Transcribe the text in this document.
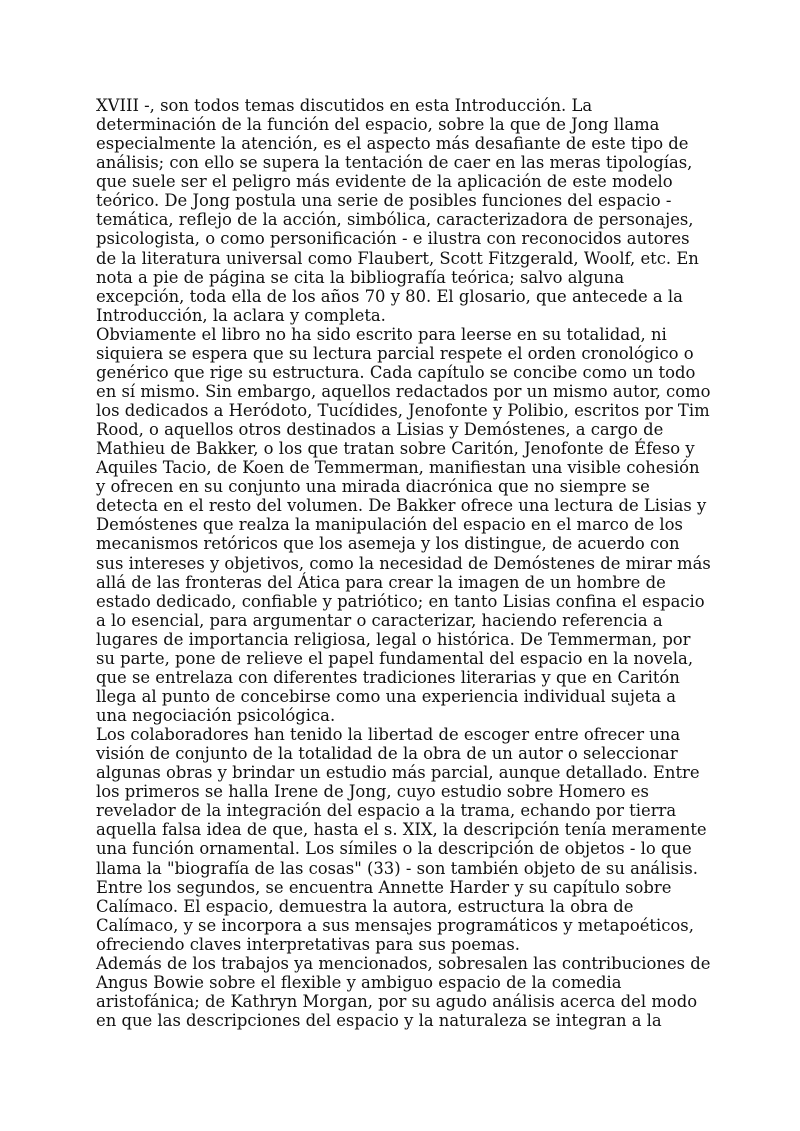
XVIII -, son todos temas discutidos en esta Introducción. La
determinación de la función del espacio, sobre la que de Jong llama
especialmente la atención, es el aspecto más desafiante de este tipo de
análisis; con ello se supera la tentación de caer en las meras tipologías,
que suele ser el peligro más evidente de la aplicación de este modelo
teórico. De Jong postula una serie de posibles funciones del espacio -
temática, reflejo de la acción, simbólica, caracterizadora de personajes,
psicologista, o como personificación - e ilustra con reconocidos autores
de la literatura universal como Flaubert, Scott Fitzgerald, Woolf, etc. En
nota a pie de página se cita la bibliografía teórica; salvo alguna
excepción, toda ella de los años 70 y 80. El glosario, que antecede a la
Introducción, la aclara y completa.

Obviamente el libro no ha sido escrito para leerse en su totalidad, ni
siquiera se espera que su lectura parcial respete el orden cronológico o
genérico que rige su estructura. Cada capítulo se concibe como un todo
en sí mismo. Sin embargo, aquellos redactados por un mismo autor, como
los dedicados a Heródoto, Tucídides, Jenofonte y Polibio, escritos por Tim
Rood, o aquellos otros destinados a Lisias y Demóstenes, a cargo de
Mathieu de Bakker, o los que tratan sobre Caritón, Jenofonte de Éfeso y
Aquiles Tacio, de Koen de Temmerman, manifiestan una visible cohesión
y ofrecen en su conjunto una mirada diacrónica que no siempre se
detecta en el resto del volumen. De Bakker ofrece una lectura de Lisias y
Demóstenes que realza la manipulación del espacio en el marco de los
mecanismos retóricos que los asemeja y los distingue, de acuerdo con
sus intereses y objetivos, como la necesidad de Demóstenes de mirar más
allá de las fronteras del Ática para crear la imagen de un hombre de
estado dedicado, confiable y patriótico; en tanto Lisias confina el espacio
a lo esencial, para argumentar o caracterizar, haciendo referencia a
lugares de importancia religiosa, legal o histórica. De Temmerman, por
su parte, pone de relieve el papel fundamental del espacio en la novela,
que se entrelaza con diferentes tradiciones literarias y que en Caritón
llega al punto de concebirse como una experiencia individual sujeta a
una negociación psicológica.

Los colaboradores han tenido la libertad de escoger entre ofrecer una
visión de conjunto de la totalidad de la obra de un autor o seleccionar
algunas obras y brindar un estudio más parcial, aunque detallado. Entre
los primeros se halla Irene de Jong, cuyo estudio sobre Homero es
revelador de la integración del espacio a la trama, echando por tierra
aquella falsa idea de que, hasta el s. XIX, la descripción tenía meramente
una función ornamental. Los símiles o la descripción de objetos - lo que
llama la "biografía de las cosas" (33) - son también objeto de su análisis.
Entre los segundos, se encuentra Annette Harder y su capítulo sobre
Calímaco. El espacio, demuestra la autora, estructura la obra de
Calímaco, y se incorpora a sus mensajes programáticos y metapoéticos,
ofreciendo claves interpretativas para sus poemas.

Además de los trabajos ya mencionados, sobresalen las contribuciones de
Angus Bowie sobre el flexible y ambiguo espacio de la comedia
aristofánica; de Kathryn Morgan, por su agudo análisis acerca del modo
en que las descripciones del espacio y la naturaleza se integran a la
